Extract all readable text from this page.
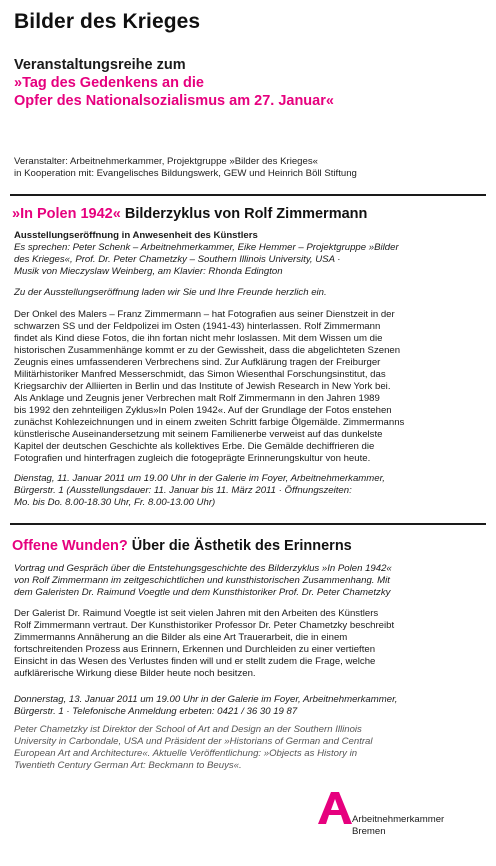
Bilder des Krieges
Veranstaltungsreihe zum
»Tag des Gedenkens an die
Opfer des Nationalsozialismus am 27. Januar«
Veranstalter: Arbeitnehmerkammer, Projektgruppe »Bilder des Krieges«
in Kooperation mit: Evangelisches Bildungswerk, GEW und Heinrich Böll Stiftung
»In Polen 1942« Bilderzyklus von Rolf Zimmermann
Ausstellungseröffnung in Anwesenheit des Künstlers
Es sprechen: Peter Schenk – Arbeitnehmerkammer, Eike Hemmer – Projektgruppe »Bilder
des Krieges«, Prof. Dr. Peter Chametzky – Southern Illinois University, USA ·
Musik von Mieczyslaw Weinberg, am Klavier: Rhonda Edington
Zu der Ausstellungseröffnung laden wir Sie und Ihre Freunde herzlich ein.
Der Onkel des Malers – Franz Zimmermann – hat Fotografien aus seiner Dienstzeit in der
schwarzen SS und der Feldpolizei im Osten (1941-43) hinterlassen. Rolf Zimmermann
findet als Kind diese Fotos, die ihn fortan nicht mehr loslassen. Mit dem Wissen um die
historischen Zusammenhänge kommt er zu der Gewissheit, dass die abgelichteten Szenen
Zeugnis eines umfassenderen Verbrechens sind. Zur Aufklärung tragen der Freiburger
Militärhistoriker Manfred Messerschmidt, das Simon Wiesenthal Forschungsinstitut, das
Kriegsarchiv der Alliierten in Berlin und das Institute of Jewish Research in New York bei.
Als Anklage und Zeugnis jener Verbrechen malt Rolf Zimmermann in den Jahren 1989
bis 1992 den zehnteiligen Zyklus»In Polen 1942«. Auf der Grundlage der Fotos enstehen
zunächst Kohlezeichnungen und in einem zweiten Schritt farbige Ölgemälde. Zimmermanns
künstlerische Auseinandersetzung mit seinem Familienerbe verweist auf das dunkelste
Kapitel der deutschen Geschichte als kollektives Erbe. Die Gemälde dechiffrieren die
Fotografien und hinterfragen zugleich die fotogeprägte Erinnerungskultur von heute.
Dienstag, 11. Januar 2011 um 19.00 Uhr in der Galerie im Foyer, Arbeitnehmerkammer,
Bürgerstr. 1 (Ausstellungsdauer: 11. Januar bis 11. März 2011 · Öffnungszeiten:
Mo. bis Do. 8.00-18.30 Uhr, Fr. 8.00-13.00 Uhr)
Offene Wunden? Über die Ästhetik des Erinnerns
Vortrag und Gespräch über die Entstehungsgeschichte des Bilderzyklus »In Polen 1942«
von Rolf Zimmermann im zeitgeschichtlichen und kunsthistorischen Zusammenhang. Mit
dem Galeristen Dr. Raimund Voegtle und dem Kunsthistoriker Prof. Dr. Peter Chametzky
Der Galerist Dr. Raimund Voegtle ist seit vielen Jahren mit den Arbeiten des Künstlers
Rolf Zimmermann vertraut. Der Kunsthistoriker Professor Dr. Peter Chametzky beschreibt
Zimmermanns Annäherung an die Bilder als eine Art Trauerarbeit, die in einem
fortschreitenden Prozess aus Erinnern, Erkennen und Durchleiden zu einer vertieften
Einsicht in das Wesen des Verlustes finden will und er stellt zudem die Frage, welche
aufklärerische Wirkung diese Bilder heute noch besitzen.
Donnerstag, 13. Januar 2011 um 19.00 Uhr in der Galerie im Foyer, Arbeitnehmerkammer,
Bürgerstr. 1 · Telefonische Anmeldung erbeten: 0421 / 36 30 19 87
Peter Chametzky ist Direktor der School of Art and Design an der Southern Illinois
University in Carbondale, USA und Präsident der »Historians of German and Central
European Art and Architecture«. Aktuelle Veröffentlichung: »Objects as History in
Twentieth Century German Art: Beckmann to Beuys«.
Arbeitnehmerkammer
Bremen
